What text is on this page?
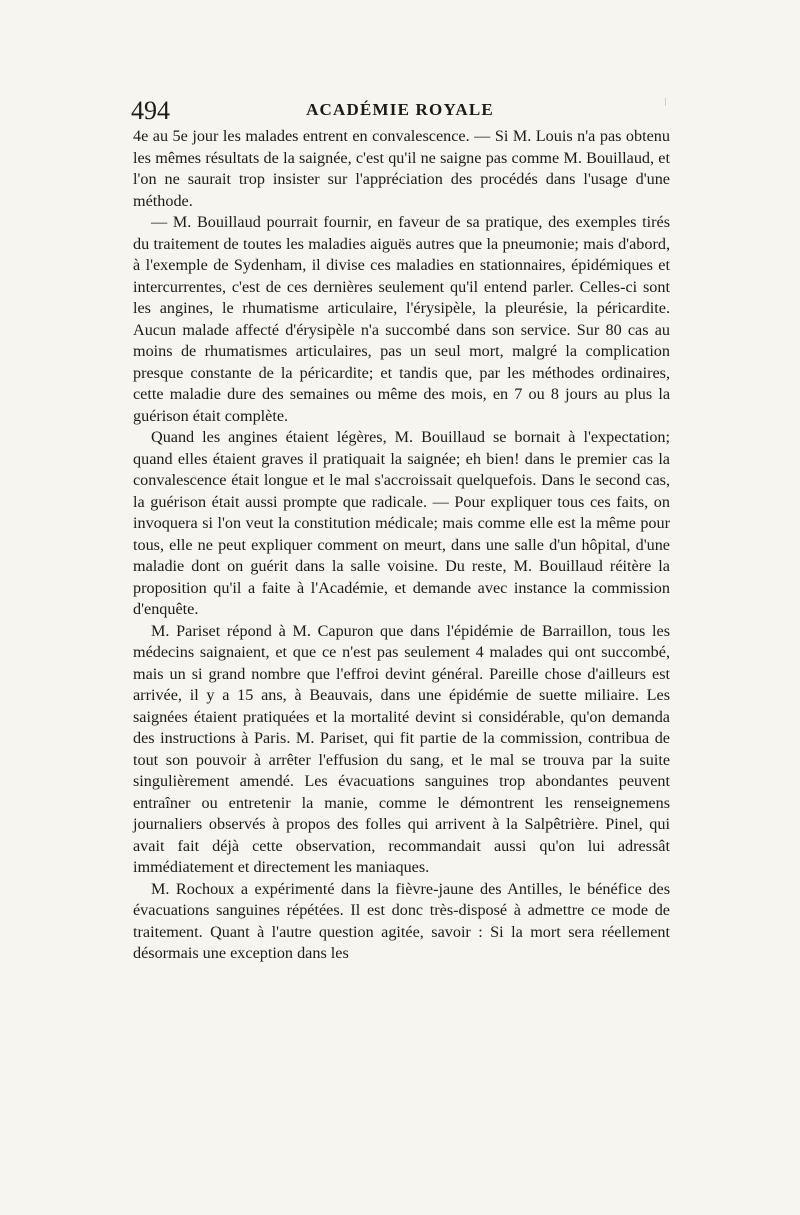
494	ACADÉMIE ROYALE

4e au 5e jour les malades entrent en convalescence. — Si M. Louis n'a pas obtenu les mêmes résultats de la saignée, c'est qu'il ne saigne pas comme M. Bouillaud, et l'on ne saurait trop insister sur l'appréciation des procédés dans l'usage d'une méthode.

— M. Bouillaud pourrait fournir, en faveur de sa pratique, des exemples tirés du traitement de toutes les maladies aiguës autres que la pneumonie; mais d'abord, à l'exemple de Sydenham, il divise ces maladies en stationnaires, épidémiques et intercurrentes, c'est de ces dernières seulement qu'il entend parler. Celles-ci sont les angines, le rhumatisme articulaire, l'érysipèle, la pleurésie, la péricardite. Aucun malade affecté d'érysipèle n'a succombé dans son service. Sur 80 cas au moins de rhumatismes articulaires, pas un seul mort, malgré la complication presque constante de la péricardite; et tandis que, par les méthodes ordinaires, cette maladie dure des semaines ou même des mois, en 7 ou 8 jours au plus la guérison était complète.

Quand les angines étaient légères, M. Bouillaud se bornait à l'expectation; quand elles étaient graves il pratiquait la saignée; eh bien! dans le premier cas la convalescence était longue et le mal s'accroissait quelquefois. Dans le second cas, la guérison était aussi prompte que radicale. — Pour expliquer tous ces faits, on invoquera si l'on veut la constitution médicale; mais comme elle est la même pour tous, elle ne peut expliquer comment on meurt, dans une salle d'un hôpital, d'une maladie dont on guérit dans la salle voisine. Du reste, M. Bouillaud réitère la proposition qu'il a faite à l'Académie, et demande avec instance la commission d'enquête.

M. Pariset répond à M. Capuron que dans l'épidémie de Barraillon, tous les médecins saignaient, et que ce n'est pas seulement 4 malades qui ont succombé, mais un si grand nombre que l'effroi devint général. Pareille chose d'ailleurs est arrivée, il y a 15 ans, à Beauvais, dans une épidémie de suette miliaire. Les saignées étaient pratiquées et la mortalité devint si considérable, qu'on demanda des instructions à Paris. M. Pariset, qui fit partie de la commission, contribua de tout son pouvoir à arrêter l'effusion du sang, et le mal se trouva par la suite singulièrement amendé. Les évacuations sanguines trop abondantes peuvent entraîner ou entretenir la manie, comme le démontrent les renseignemens journaliers observés à propos des folles qui arrivent à la Salpêtrière. Pinel, qui avait fait déjà cette observation, recommandait aussi qu'on lui adressât immédiatement et directement les maniaques.

M. Rochoux a expérimenté dans la fièvre-jaune des Antilles, le bénéfice des évacuations sanguines répétées. Il est donc très-disposé à admettre ce mode de traitement. Quant à l'autre question agitée, savoir : Si la mort sera réellement désormais une exception dans les
